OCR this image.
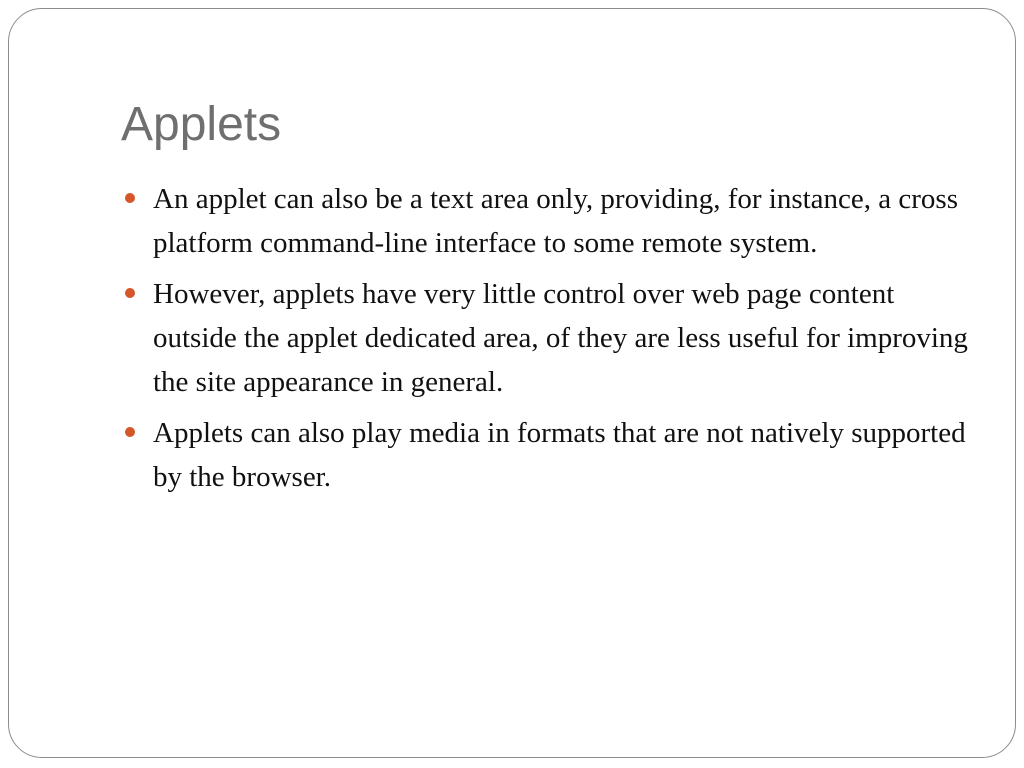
Applets
An applet can also be a text area only, providing, for instance, a cross platform command-line interface to some remote system.
However, applets have very little control over web page content outside the applet dedicated area, of they are less useful for improving the site appearance in general.
Applets can also play media in formats that are not natively supported by the browser.
